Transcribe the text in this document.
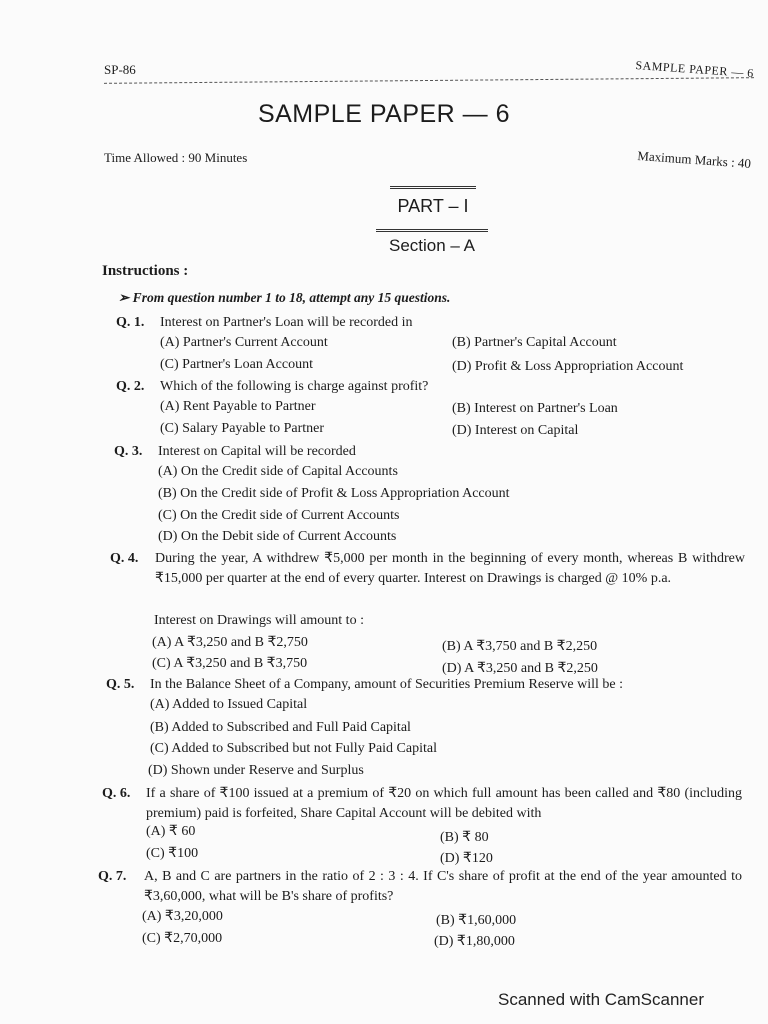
SP-86	SAMPLE PAPER — 6
SAMPLE PAPER — 6
Time Allowed : 90 Minutes	Maximum Marks : 40
PART – I
Section – A
Instructions :
➢ From question number 1 to 18, attempt any 15 questions.
Q. 1. Interest on Partner's Loan will be recorded in
(A) Partner's Current Account	(B) Partner's Capital Account
(C) Partner's Loan Account	(D) Profit & Loss Appropriation Account
Q. 2. Which of the following is charge against profit?
(A) Rent Payable to Partner	(B) Interest on Partner's Loan
(C) Salary Payable to Partner	(D) Interest on Capital
Q. 3. Interest on Capital will be recorded
(A) On the Credit side of Capital Accounts
(B) On the Credit side of Profit & Loss Appropriation Account
(C) On the Credit side of Current Accounts
(D) On the Debit side of Current Accounts
Q. 4. During the year, A withdrew ₹5,000 per month in the beginning of every month, whereas B withdrew ₹15,000 per quarter at the end of every quarter. Interest on Drawings is charged @ 10% p.a.
Interest on Drawings will amount to :
(A) A ₹3,250 and B ₹2,750	(B) A ₹3,750 and B ₹2,250
(C) A ₹3,250 and B ₹3,750	(D) A ₹3,250 and B ₹2,250
Q. 5. In the Balance Sheet of a Company, amount of Securities Premium Reserve will be :
(A) Added to Issued Capital
(B) Added to Subscribed and Full Paid Capital
(C) Added to Subscribed but not Fully Paid Capital
(D) Shown under Reserve and Surplus
Q. 6. If a share of ₹100 issued at a premium of ₹20 on which full amount has been called and ₹80 (including premium) paid is forfeited, Share Capital Account will be debited with
(A) ₹ 60	(B) ₹ 80
(C) ₹100	(D) ₹120
Q. 7. A, B and C are partners in the ratio of 2 : 3 : 4. If C's share of profit at the end of the year amounted to ₹3,60,000, what will be B's share of profits?
(A) ₹3,20,000	(B) ₹1,60,000
(C) ₹2,70,000	(D) ₹1,80,000
Scanned with CamScanner
